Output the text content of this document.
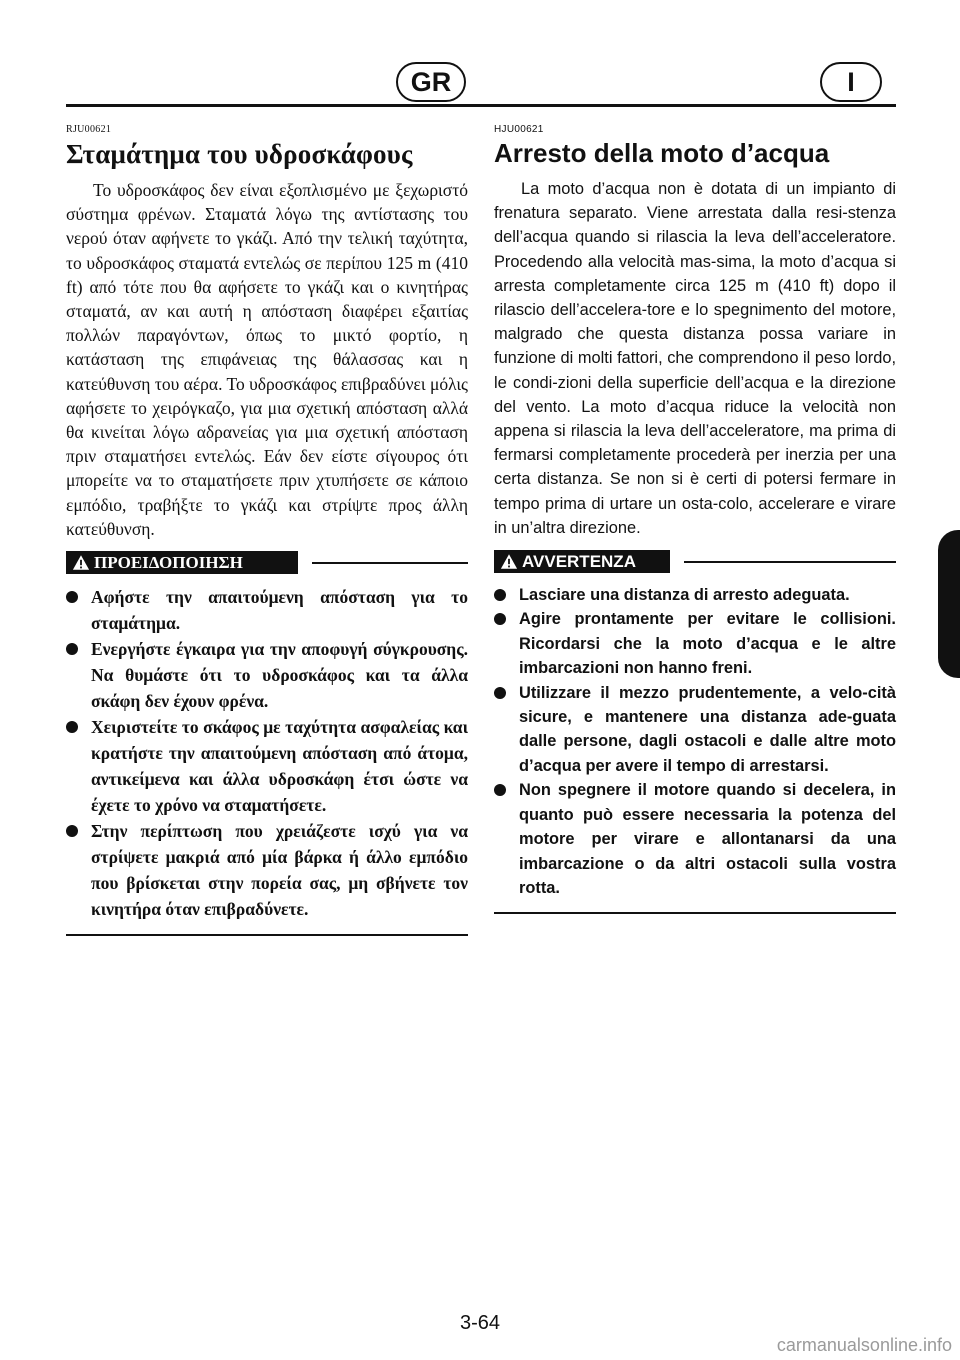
GR	I

RJU00621

Σταμάτημα του υδροσκάφους

Το υδροσκάφος δεν είναι εξοπλισμένο με ξεχωριστό σύστημα φρένων. Σταματά λόγω της αντίστασης του νερού όταν αφήνετε το γκάζι. Από την τελική ταχύτητα, το υδροσκάφος σταματά εντελώς σε περίπου 125 m (410 ft) από τότε που θα αφήσετε το γκάζι και ο κινητήρας σταματά, αν και αυτή η απόσταση διαφέρει εξαιτίας πολλών παραγόντων, όπως το μικτό φορτίο, η κατάσταση της επιφάνειας της θάλασσας και η κατεύθυνση του αέρα. Το υδροσκάφος επιβραδύνει μόλις αφήσετε το χειρόγκαζο, για μια σχετική απόσταση αλλά θα κινείται λόγω αδρανείας για μια σχετική απόσταση πριν σταματήσει εντελώς. Εάν δεν είστε σίγουρος ότι μπορείτε να το σταματήσετε πριν χτυπήσετε σε κάποιο εμπόδιο, τραβήξτε το γκάζι και στρίψτε προς άλλη κατεύθυνση.

ΠΡΟΕΙΔΟΠΟΙΗΣΗ
Αφήστε την απαιτούμενη απόσταση για το σταμάτημα.
Ενεργήστε έγκαιρα για την αποφυγή σύγκρουσης. Να θυμάστε ότι το υδροσκάφος και τα άλλα σκάφη δεν έχουν φρένα.
Χειριστείτε το σκάφος με ταχύτητα ασφαλείας και κρατήστε την απαιτούμενη απόσταση από άτομα, αντικείμενα και άλλα υδροσκάφη έτσι ώστε να έχετε το χρόνο να σταματήσετε.
Στην περίπτωση που χρειάζεστε ισχύ για να στρίψετε μακριά από μία βάρκα ή άλλο εμπόδιο που βρίσκεται στην πορεία σας, μη σβήνετε τον κινητήρα όταν επιβραδύνετε.

HJU00621

Arresto della moto d’acqua

La moto d’acqua non è dotata di un impianto di frenatura separato. Viene arrestata dalla resi-stenza dell’acqua quando si rilascia la leva dell’acceleratore. Procedendo alla velocità mas-sima, la moto d’acqua si arresta completamente circa 125 m (410 ft) dopo il rilascio dell’accelera-tore e lo spegnimento del motore, malgrado che questa distanza possa variare in funzione di molti fattori, che comprendono il peso lordo, le condi-zioni della superficie dell’acqua e la direzione del vento. La moto d’acqua riduce la velocità non appena si rilascia la leva dell’acceleratore, ma prima di fermarsi completamente procederà per inerzia per una certa distanza. Se non si è certi di potersi fermare in tempo prima di urtare un osta-colo, accelerare e virare in un’altra direzione.

AVVERTENZA
Lasciare una distanza di arresto adeguata.
Agire prontamente per evitare le collisioni. Ricordarsi che la moto d’acqua e le altre imbarcazioni non hanno freni.
Utilizzare il mezzo prudentemente, a velo-cità sicure, e mantenere una distanza ade-guata dalle persone, dagli ostacoli e dalle altre moto d’acqua per avere il tempo di arrestarsi.
Non spegnere il motore quando si decelera, in quanto può essere necessaria la potenza del motore per virare e allontanarsi da una imbarcazione o da altri ostacoli sulla vostra rotta.
3-64
carmanualsonline.info
